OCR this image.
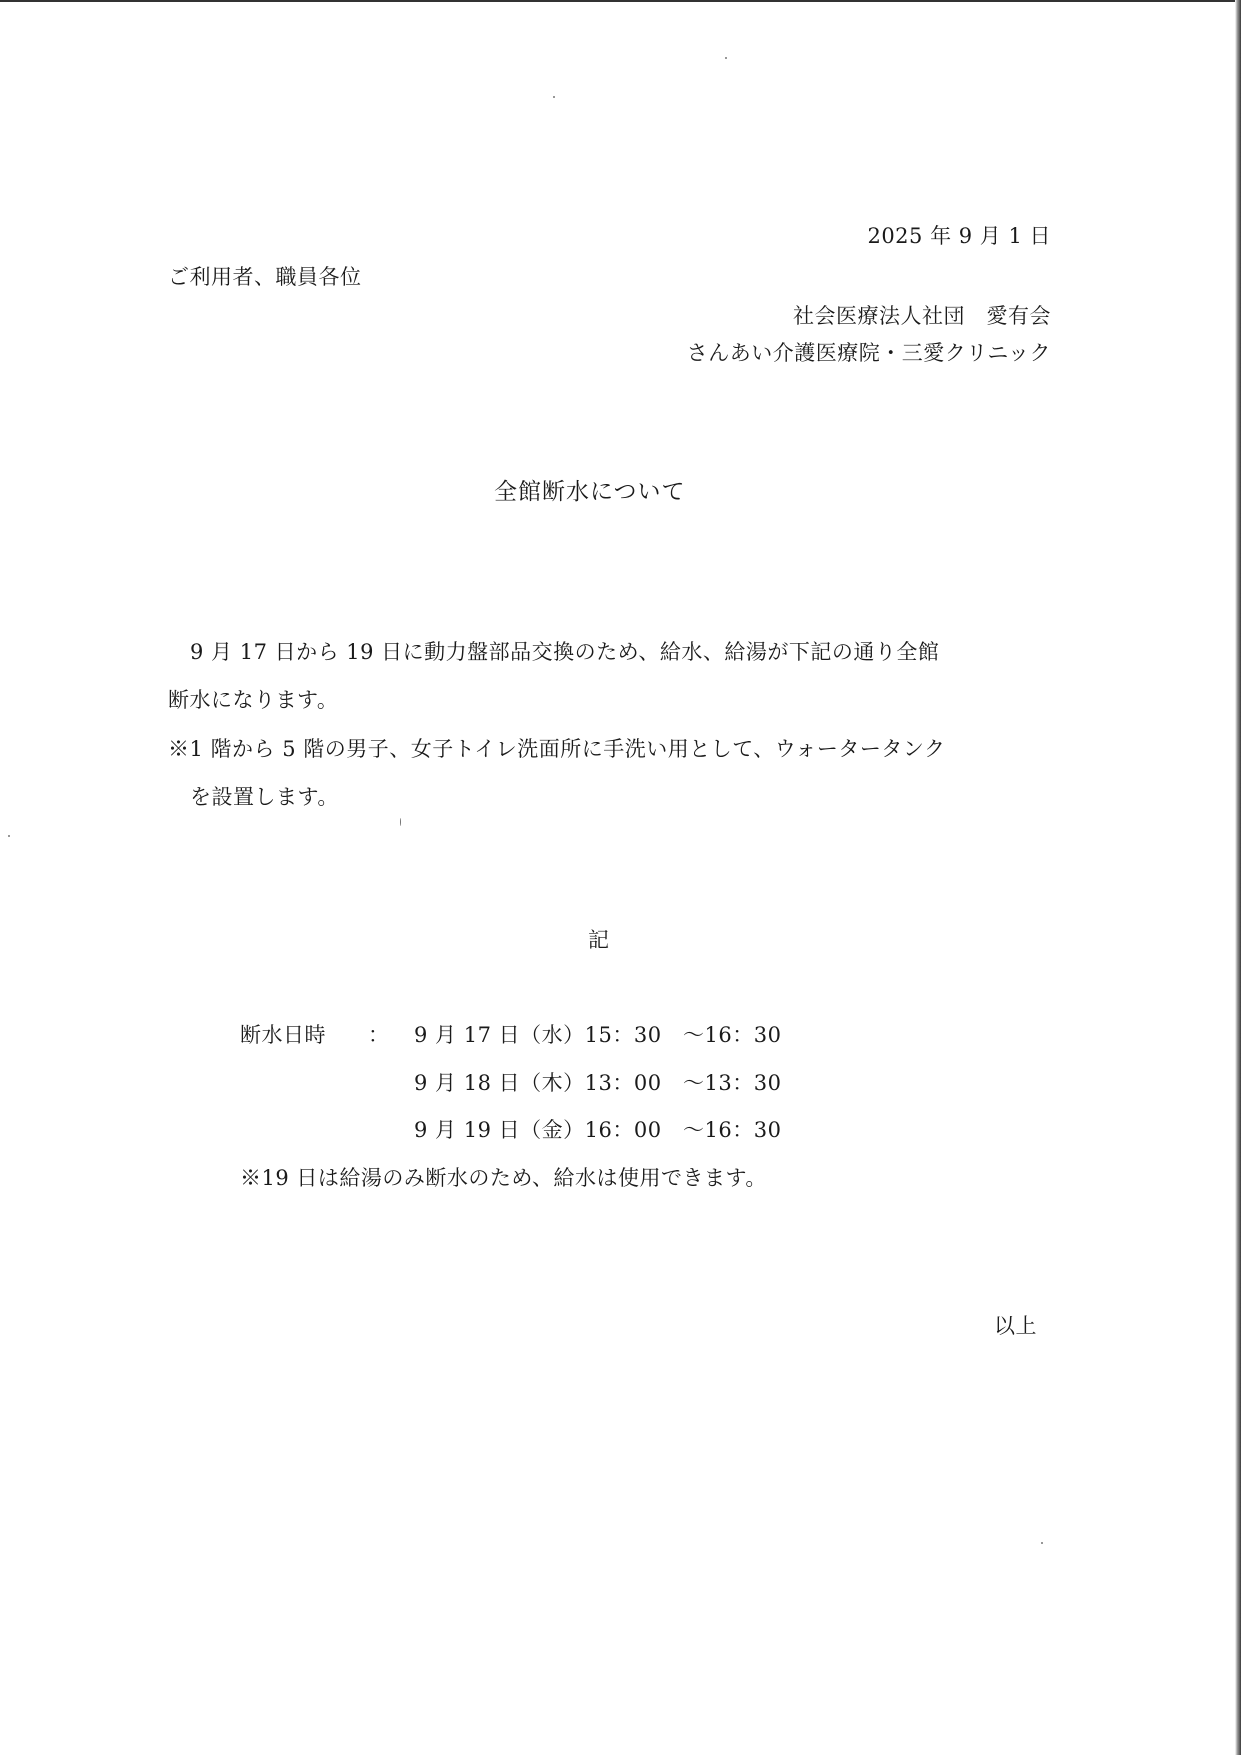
2025 年 9 月 1 日
ご利用者、職員各位
社会医療法人社団　愛有会
さんあい介護医療院・三愛クリニック
全館断水について
9 月 17 日から 19 日に動力盤部品交換のため、給水、給湯が下記の通り全館
断水になります。
※1 階から 5 階の男子、女子トイレ洗面所に手洗い用として、ウォータータンク
を設置します。
記
断水日時 ： 9 月 17 日（水）15：30　～16：30
9 月 18 日（木）13：00　～13：30
9 月 19 日（金）16：00　～16：30
※19 日は給湯のみ断水のため、給水は使用できます。
以上
